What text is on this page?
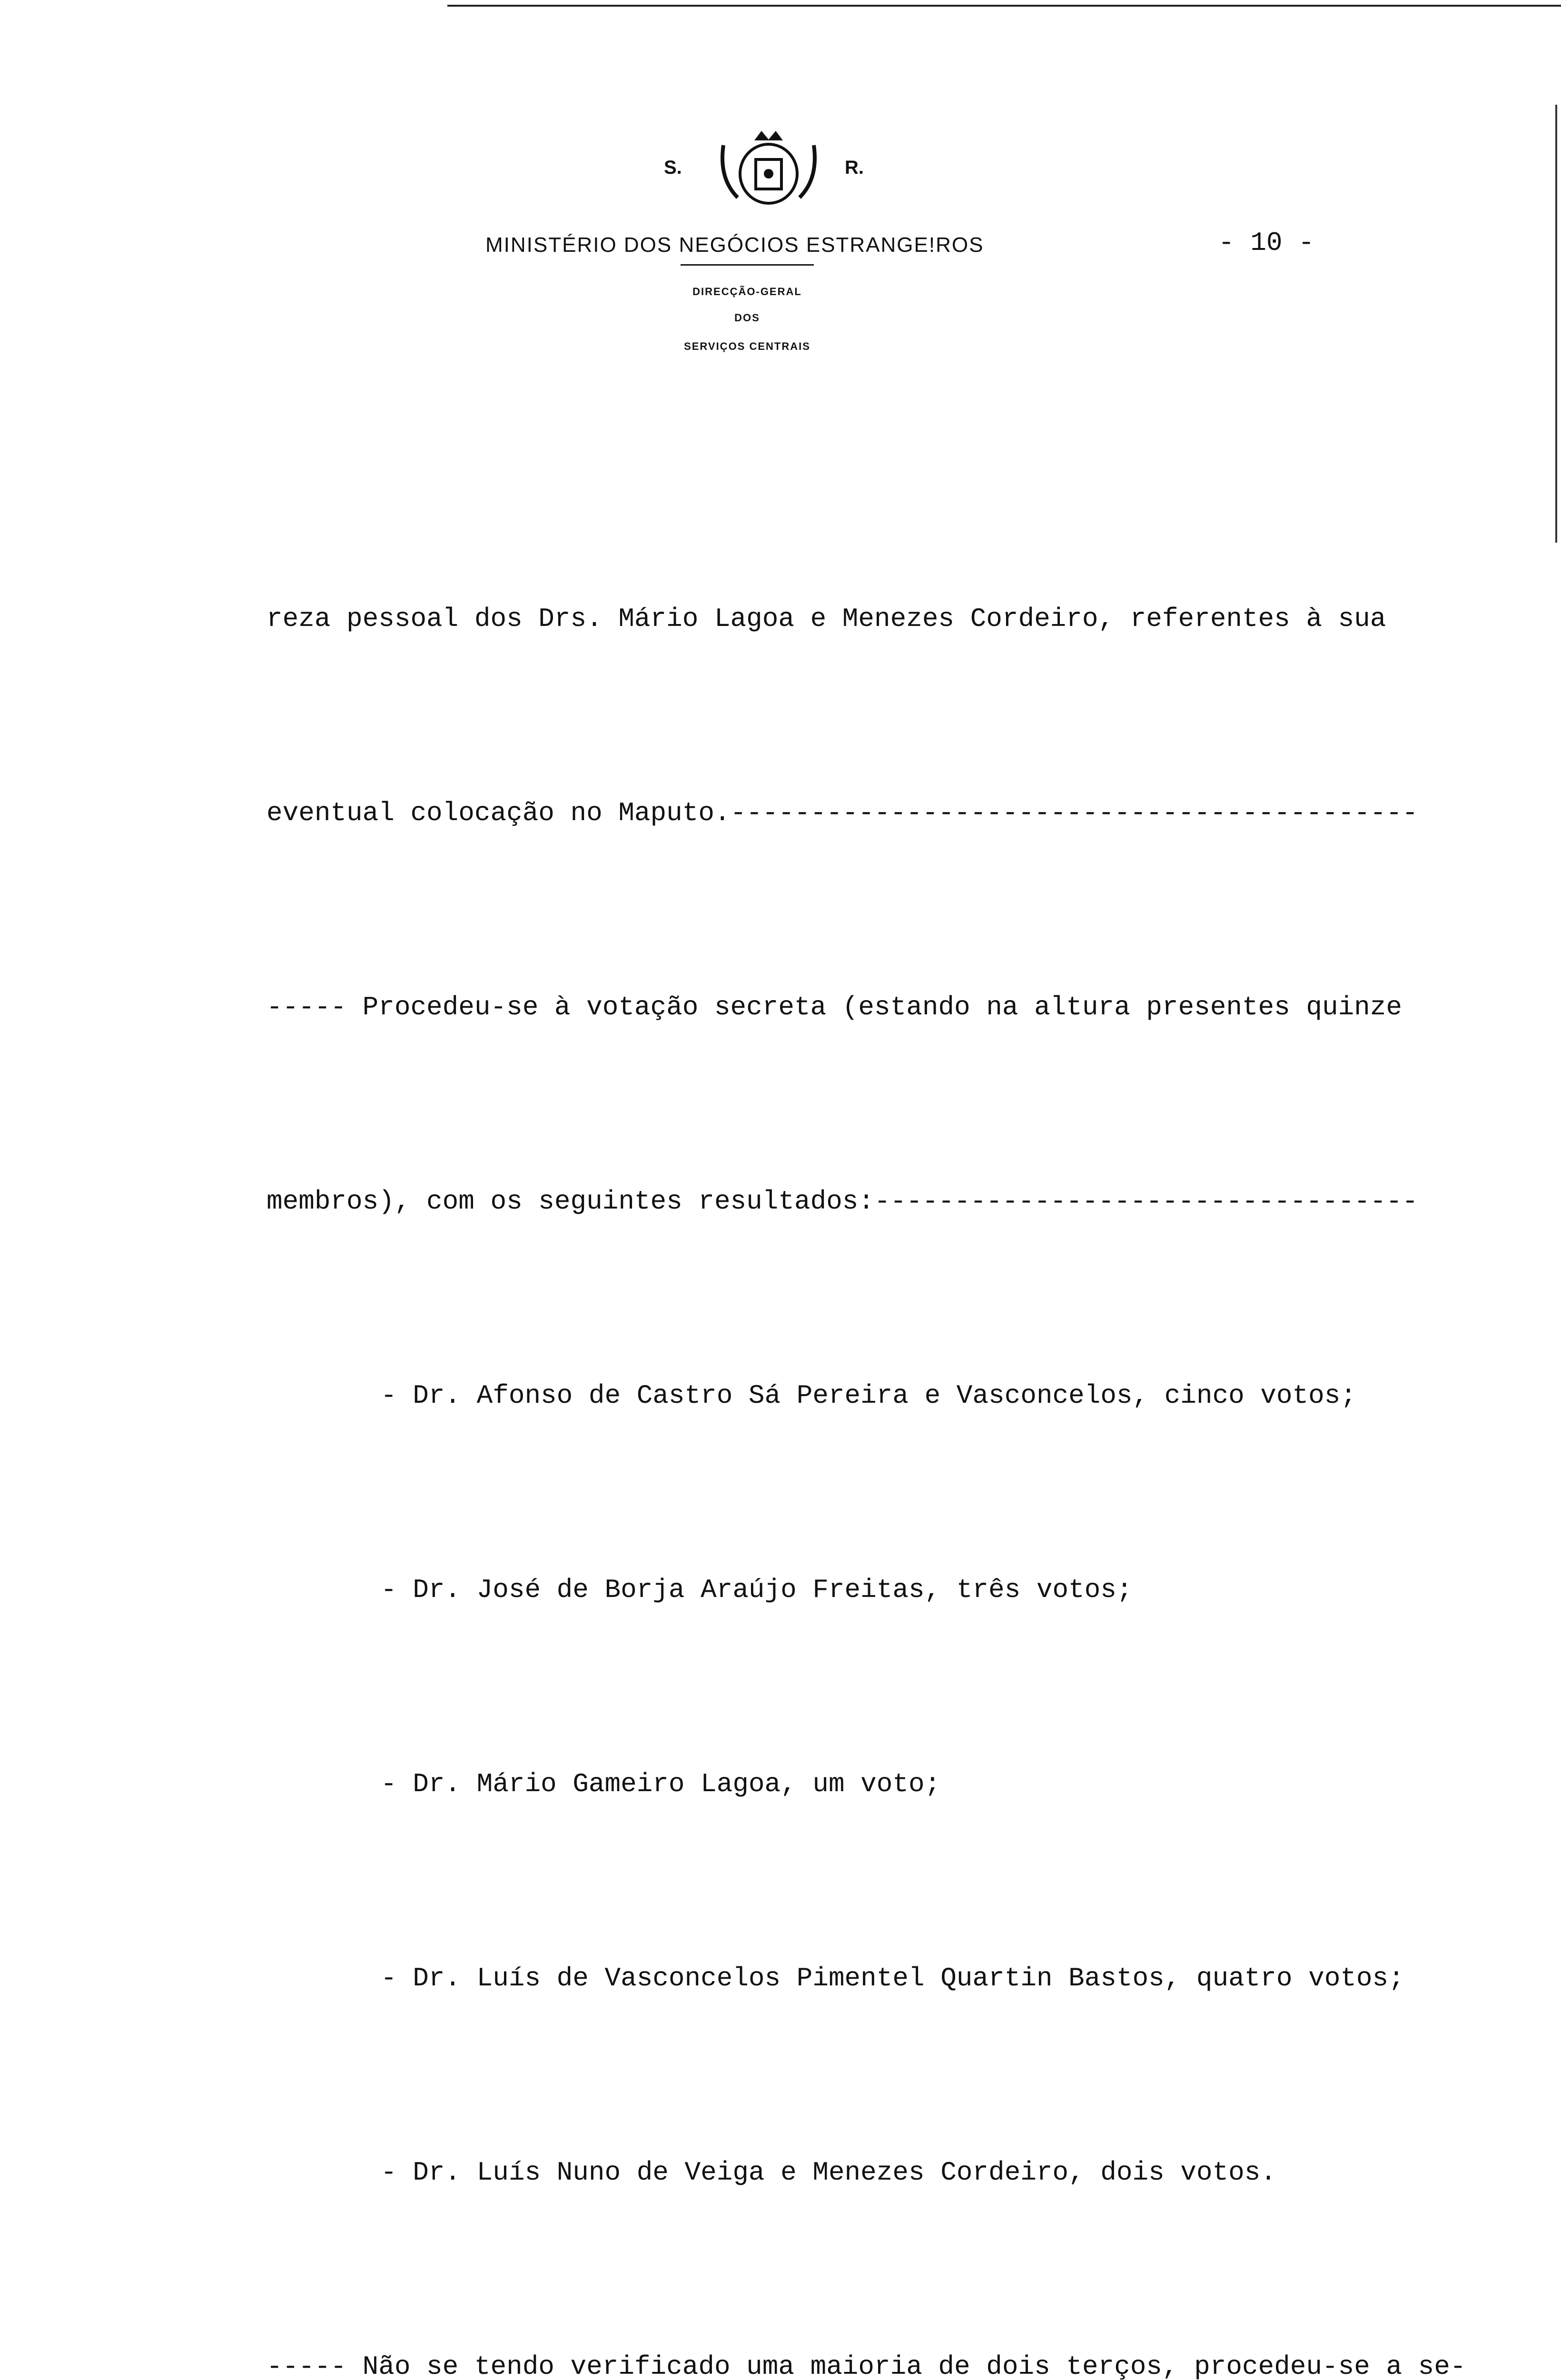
S.	R.
MINISTÉRIO DOS NEGÓCIOS ESTRANGE!ROS	- 10 -
DIRECÇÃO-GERAL
DOS
SERVIÇOS CENTRAIS

reza pessoal dos Drs. Mário Lagoa e Menezes Cordeiro, referentes à sua

eventual colocação no Maputo.-------------------------------------------

----- Procedeu-se à votação secreta (estando na altura presentes quinze

membros), com os seguintes resultados:----------------------------------

- Dr. Afonso de Castro Sá Pereira e Vasconcelos, cinco votos;

- Dr. José de Borja Araújo Freitas, três votos;

- Dr. Mário Gameiro Lagoa, um voto;

- Dr. Luís de Vasconcelos Pimentel Quartin Bastos, quatro votos;

- Dr. Luís Nuno de Veiga e Menezes Cordeiro, dois votos.

----- Não se tendo verificado uma maioria de dois terços, procedeu-se a se-
